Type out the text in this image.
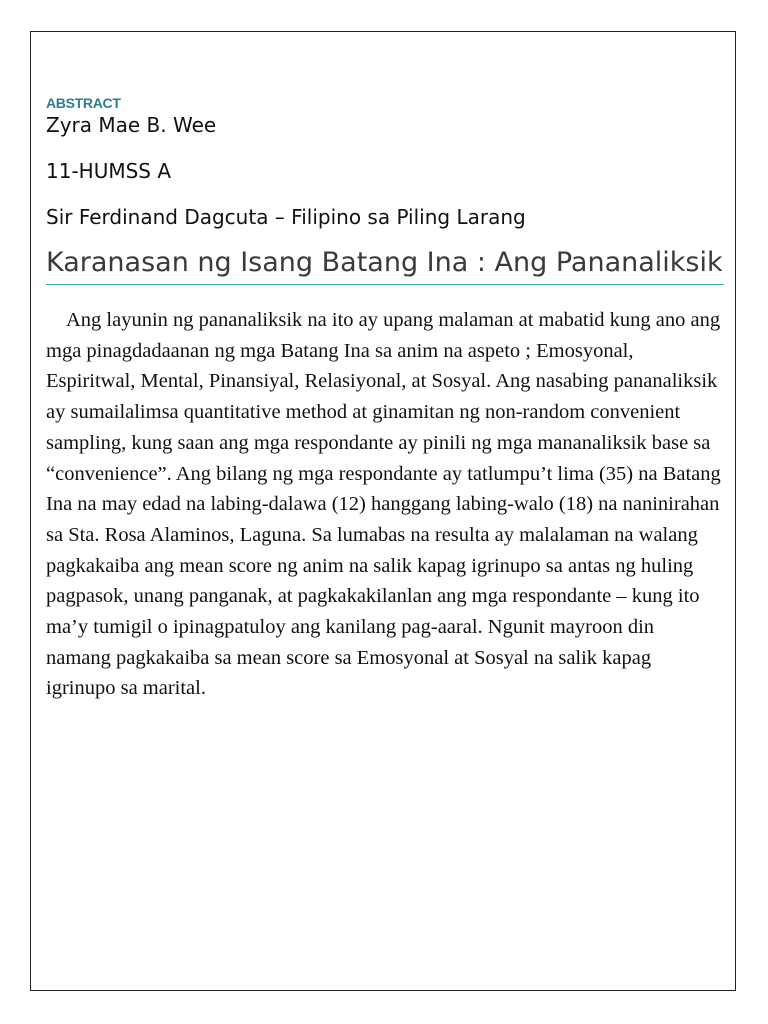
ABSTRACT

Zyra Mae B. Wee

11-HUMSS A

Sir Ferdinand Dagcuta – Filipino sa Piling Larang

Karanasan ng Isang Batang Ina : Ang Pananaliksik

Ang layunin ng pananaliksik na ito ay upang malaman at mabatid kung ano ang mga pinagdadaanan ng mga Batang Ina sa anim na aspeto ; Emosyonal, Espiritwal, Mental, Pinansiyal, Relasiyonal, at Sosyal. Ang nasabing pananaliksik ay sumailalimsa quantitative method at ginamitan ng non-random convenient sampling, kung saan ang mga respondante ay pinili ng mga mananaliksik base sa “convenience”. Ang bilang ng mga respondante ay tatlumpu’t lima (35) na Batang Ina na may edad na labing-dalawa (12) hanggang labing-walo (18) na naninirahan sa Sta. Rosa Alaminos, Laguna. Sa lumabas na resulta ay malalaman na walang pagkakaiba ang mean score ng anim na salik kapag igrinupo sa antas ng huling pagpasok, unang panganak, at pagkakakilanlan ang mga respondante – kung ito ma’y tumigil o ipinagpatuloy ang kanilang pag-aaral. Ngunit mayroon din namang pagkakaiba sa mean score sa Emosyonal at Sosyal na salik kapag igrinupo sa marital.
